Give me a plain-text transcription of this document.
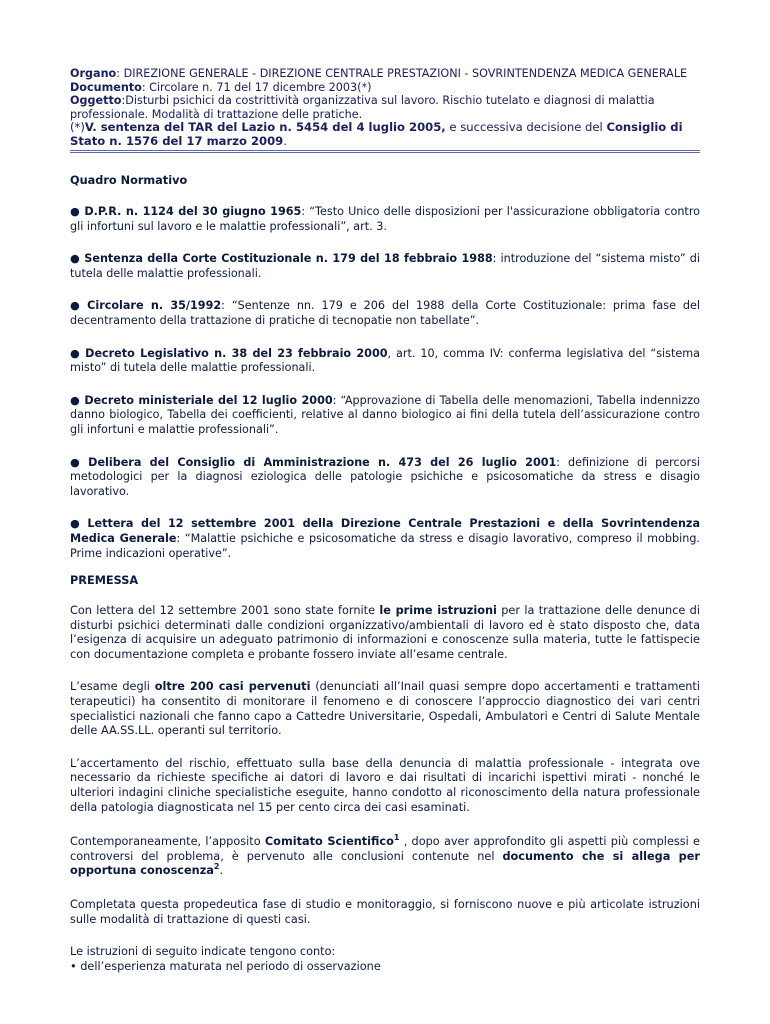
Organo: DIREZIONE GENERALE - DIREZIONE CENTRALE PRESTAZIONI - SOVRINTENDENZA MEDICA GENERALE

Documento: Circolare n. 71 del 17 dicembre 2003(*)

Oggetto:Disturbi psichici da costrittività organizzativa sul lavoro. Rischio tutelato e diagnosi di malattia professionale. Modalità di trattazione delle pratiche.

(*)V. sentenza del TAR del Lazio n. 5454 del 4 luglio 2005, e successiva decisione del Consiglio di Stato n. 1576 del 17 marzo 2009.

Quadro Normativo

● D.P.R. n. 1124 del 30 giugno 1965: “Testo Unico delle disposizioni per l'assicurazione obbligatoria contro gli infortuni sul lavoro e le malattie professionali”, art. 3.

● Sentenza della Corte Costituzionale n. 179 del 18 febbraio 1988: introduzione del “sistema misto” di tutela delle malattie professionali.

● Circolare n. 35/1992: “Sentenze nn. 179 e 206 del 1988 della Corte Costituzionale: prima fase del decentramento della trattazione di pratiche di tecnopatie non tabellate”.

● Decreto Legislativo n. 38 del 23 febbraio 2000, art. 10, comma IV: conferma legislativa del “sistema misto” di tutela delle malattie professionali.

● Decreto ministeriale del 12 luglio 2000: “Approvazione di Tabella delle menomazioni, Tabella indennizzo danno biologico, Tabella dei coefficienti, relative al danno biologico ai fini della tutela dell’assicurazione contro gli infortuni e malattie professionali”.

● Delibera del Consiglio di Amministrazione n. 473 del 26 luglio 2001: definizione di percorsi metodologici per la diagnosi eziologica delle patologie psichiche e psicosomatiche da stress e disagio lavorativo.

● Lettera del 12 settembre 2001 della Direzione Centrale Prestazioni e della Sovrintendenza Medica Generale: “Malattie psichiche e psicosomatiche da stress e disagio lavorativo, compreso il mobbing. Prime indicazioni operative”.

PREMESSA

Con lettera del 12 settembre 2001 sono state fornite le prime istruzioni per la trattazione delle denunce di disturbi psichici determinati dalle condizioni organizzativo/ambientali di lavoro ed è stato disposto che, data l’esigenza di acquisire un adeguato patrimonio di informazioni e conoscenze sulla materia, tutte le fattispecie con documentazione completa e probante fossero inviate all’esame centrale.

L’esame degli oltre 200 casi pervenuti (denunciati all’Inail quasi sempre dopo accertamenti e trattamenti terapeutici) ha consentito di monitorare il fenomeno e di conoscere l’approccio diagnostico dei vari centri specialistici nazionali che fanno capo a Cattedre Universitarie, Ospedali, Ambulatori e Centri di Salute Mentale delle AA.SS.LL. operanti sul territorio.

L’accertamento del rischio, effettuato sulla base della denuncia di malattia professionale - integrata ove necessario da richieste specifiche ai datori di lavoro e dai risultati di incarichi ispettivi mirati - nonché le ulteriori indagini cliniche specialistiche eseguite, hanno condotto al riconoscimento della natura professionale della patologia diagnosticata nel 15 per cento circa dei casi esaminati.

Contemporaneamente, l’apposito Comitato Scientifico$^1$ , dopo aver approfondito gli aspetti più complessi e controversi del problema, è pervenuto alle conclusioni contenute nel documento che si allega per opportuna conoscenza$^2$.

Completata questa propedeutica fase di studio e monitoraggio, si forniscono nuove e più articolate istruzioni sulle modalità di trattazione di questi casi.

Le istruzioni di seguito indicate tengono conto:
• dell’esperienza maturata nel periodo di osservazione
